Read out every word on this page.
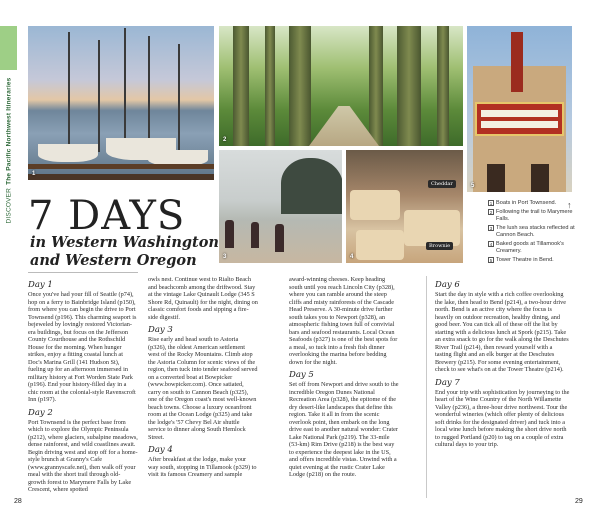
DISCOVERThe Pacific Northwest Itineraries	1
2
3
Cheddar
Brownie
4
5
7 DAYS
in Western Washington and Western Oregon
1 Boats in Port Townsend.
2 Following the trail to Marymere Falls.
3 The lush sea stacks reflected at Cannon Beach.
4 Baked goods at Tillamook's Creamery.
5 Tower Theatre in Bend.
↑
Day 1

Once you've had your fill of Seattle (p74), hop on a ferry to Bainbridge Island (p150), from where you can begin the drive to Port Townsend (p196). This charming seaport is bejeweled by lovingly restored Victorian-era buildings, but focus on the Jefferson County Courthouse and the Rothschild House for the morning. When hunger strikes, enjoy a fitting coastal lunch at Doc's Marina Grill (141 Hudson St), fueling up for an afternoon immersed in military history at Fort Worden State Park (p196). End your history-filled day in a chic room at the colonial-style Ravenscroft Inn (p197).

Day 2

Port Townsend is the perfect base from which to explore the Olympic Peninsula (p212), where glaciers, subalpine meadows, dense rainforest, and wild coastlines await. Begin driving west and stop off for a home-style brunch at Granny's Cafe (www.grannyscafe.net), then walk off your meal with the short trail through old-growth forest to Marymere Falls by Lake Crescent, where spotted

owls nest. Continue west to Rialto Beach and beachcomb among the driftwood. Stay at the vintage Lake Quinault Lodge (345 S Shore Rd, Quinault) for the night, dining on classic comfort foods and sipping a fire-side digestif.

Day 3

Rise early and head south to Astoria (p326), the oldest American settlement west of the Rocky Mountains. Climb atop the Astoria Column for scenic views of the region, then tuck into tender seafood served on a converted boat at Bowpicker (www.bowpicker.com). Once satiated, carry on south to Cannon Beach (p325), one of the Oregon coast's most well-known beach towns. Choose a luxury oceanfront room at the Ocean Lodge (p325) and take the lodge's '57 Chevy Bel Air shuttle service to dinner along South Hemlock Street.

Day 4

After breakfast at the lodge, make your way south, stopping in Tillamook (p329) to visit its famous Creamery and sample

award-winning cheeses. Keep heading south until you reach Lincoln City (p328), where you can ramble around the steep cliffs and misty rainforests of the Cascade Head Preserve. A 30-minute drive further south takes you to Newport (p328), an atmospheric fishing town full of convivial bars and seafood restaurants. Local Ocean Seafoods (p327) is one of the best spots for a meal, so tuck into a fresh fish dinner overlooking the marina before bedding down for the night.

Day 5

Set off from Newport and drive south to the incredible Oregon Dunes National Recreation Area (p328), the epitome of the dry desert-like landscapes that define this region. Take it all in from the scenic overlook point, then embark on the long drive east to another natural wonder: Crater Lake National Park (p219). The 33-mile (53-km) Rim Drive (p218) is the best way to experience the deepest lake in the US, and offers incredible vistas. Unwind with a quiet evening at the rustic Crater Lake Lodge (p218) on the route.

Day 6

Start the day in style with a rich coffee overlooking the lake, then head to Bend (p214), a two-hour drive north. Bend is an active city where the focus is heavily on outdoor recreation, healthy dining, and good beer. You can tick all of these off the list by starting with a delicious lunch at Spork (p215). Take an extra snack to go for the walk along the Deschutes River Trail (p214), then reward yourself with a tasting flight and an elk burger at the Deschutes Brewery (p215). For some evening entertainment, check to see what's on at the Tower Theatre (p214).

Day 7

End your trip with sophistication by journeying to the heart of the Wine Country of the North Willamette Valley (p236), a three-hour drive northwest. Tour the wonderful wineries (which offer plenty of delicious soft drinks for the designated driver) and tuck into a local wine lunch before making the short drive north to rugged Portland (p20) to tag on a couple of extra cultural days to your trip.

28	29
